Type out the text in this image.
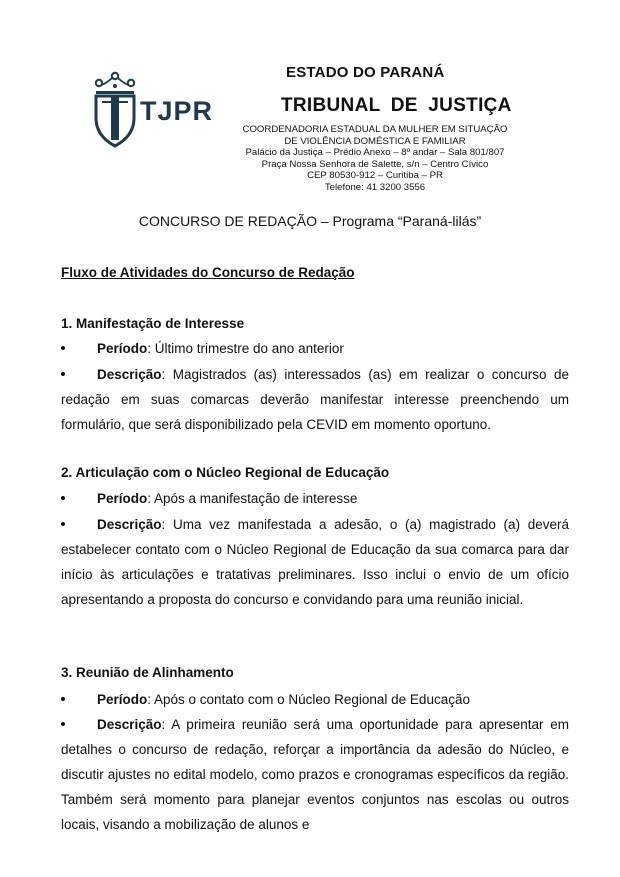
TJPR
ESTADO DO PARANÁ
TRIBUNAL DE JUSTIÇA
COORDENADORIA ESTADUAL DA MULHER EM SITUAÇÃO
DE VIOLÊNCIA DOMÉSTICA E FAMILIAR
Palácio da Justiça – Prédio Anexo – 8º andar – Sala 801/807
Praça Nossa Senhora de Salette, s/n – Centro Cívico
CEP 80530-912 – Curitiba – PR
Telefone: 41 3200 3556
CONCURSO DE REDAÇÃO – Programa “Paraná-lilás”
Fluxo de Atividades do Concurso de Redação
1. Manifestação de Interesse
Período: Último trimestre do ano anterior
Descrição: Magistrados (as) interessados (as) em realizar o concurso de redação em suas comarcas deverão manifestar interesse preenchendo um formulário, que será disponibilizado pela CEVID em momento oportuno.
2. Articulação com o Núcleo Regional de Educação
Período: Após a manifestação de interesse
Descrição: Uma vez manifestada a adesão, o (a) magistrado (a) deverá estabelecer contato com o Núcleo Regional de Educação da sua comarca para dar início às articulações e tratativas preliminares. Isso inclui o envio de um ofício apresentando a proposta do concurso e convidando para uma reunião inicial.
3. Reunião de Alinhamento
Período: Após o contato com o Núcleo Regional de Educação
Descrição: A primeira reunião será uma oportunidade para apresentar em detalhes o concurso de redação, reforçar a importância da adesão do Núcleo, e discutir ajustes no edital modelo, como prazos e cronogramas específicos da região. Também será momento para planejar eventos conjuntos nas escolas ou outros locais, visando a mobilização de alunos e
